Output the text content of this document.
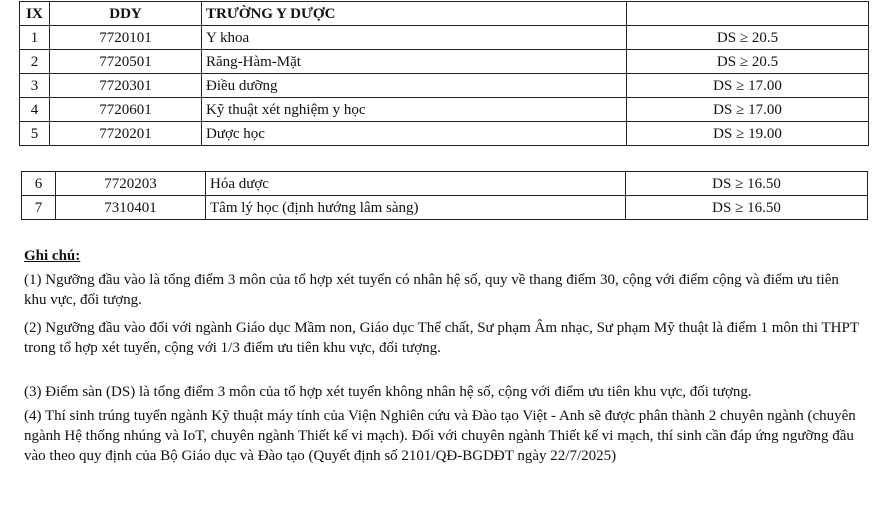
IX	DDY	TRƯỜNG Y DƯỢC	
1	7720101	Y khoa	DS ≥ 20.5
2	7720501	Răng-Hàm-Mặt	DS ≥ 20.5
3	7720301	Điều dưỡng	DS ≥ 17.00
4	7720601	Kỹ thuật xét nghiệm y học	DS ≥ 17.00
5	7720201	Dược học	DS ≥ 19.00
6	7720203	Hóa dược	DS ≥ 16.50
7	7310401	Tâm lý học (định hướng lâm sàng)	DS ≥ 16.50

Ghi chú:

(1) Ngưỡng đầu vào là tổng điểm 3 môn của tổ hợp xét tuyển có nhân hệ số, quy về thang điểm 30, cộng với điểm cộng và điểm ưu tiên khu vực, đối tượng.

(2) Ngưỡng đầu vào đối với ngành Giáo dục Mầm non, Giáo dục Thể chất, Sư phạm Âm nhạc, Sư phạm Mỹ thuật là điểm 1 môn thi THPT trong tổ hợp xét tuyển, cộng với 1/3 điểm ưu tiên khu vực, đối tượng.

(3) Điểm sàn (DS) là tổng điểm 3 môn của tổ hợp xét tuyển không nhân hệ số, cộng với điểm ưu tiên khu vực, đối tượng.

(4) Thí sinh trúng tuyển ngành Kỹ thuật máy tính của Viện Nghiên cứu và Đào tạo Việt - Anh sẽ được phân thành 2 chuyên ngành (chuyên ngành Hệ thống nhúng và IoT, chuyên ngành Thiết kế vi mạch). Đối với chuyên ngành Thiết kế vi mạch, thí sinh cần đáp ứng ngưỡng đầu vào theo quy định của Bộ Giáo dục và Đào tạo (Quyết định số 2101/QĐ-BGDĐT ngày 22/7/2025)
